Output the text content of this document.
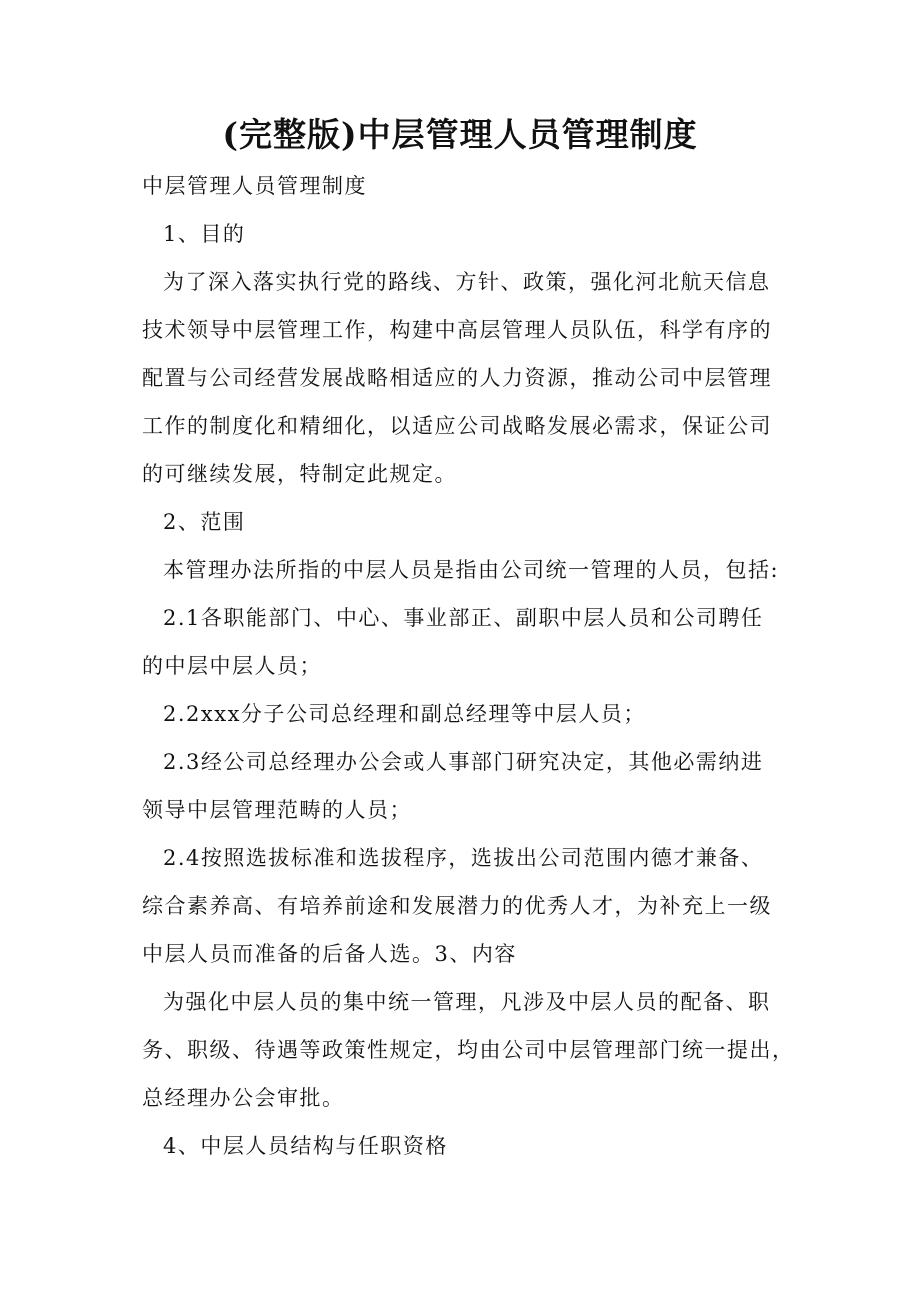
(完整版)中层管理人员管理制度
中层管理人员管理制度
1、目的
为了深入落实执行党的路线、方针、政策，强化河北航天信息
技术领导中层管理工作，构建中高层管理人员队伍，科学有序的
配置与公司经营发展战略相适应的人力资源，推动公司中层管理
工作的制度化和精细化，以适应公司战略发展必需求，保证公司
的可继续发展，特制定此规定。
2、范围
本管理办法所指的中层人员是指由公司统一管理的人员，包括:
2.1各职能部门、中心、事业部正、副职中层人员和公司聘任
的中层中层人员；
2.2xxx分子公司总经理和副总经理等中层人员；
2.3经公司总经理办公会或人事部门研究决定，其他必需纳进
领导中层管理范畴的人员；
2.4按照选拔标准和选拔程序，选拔出公司范围内德才兼备、
综合素养高、有培养前途和发展潜力的优秀人才，为补充上一级
中层人员而准备的后备人选。3、内容
为强化中层人员的集中统一管理，凡涉及中层人员的配备、职
务、职级、待遇等政策性规定，均由公司中层管理部门统一提出，
总经理办公会审批。
4、中层人员结构与任职资格
